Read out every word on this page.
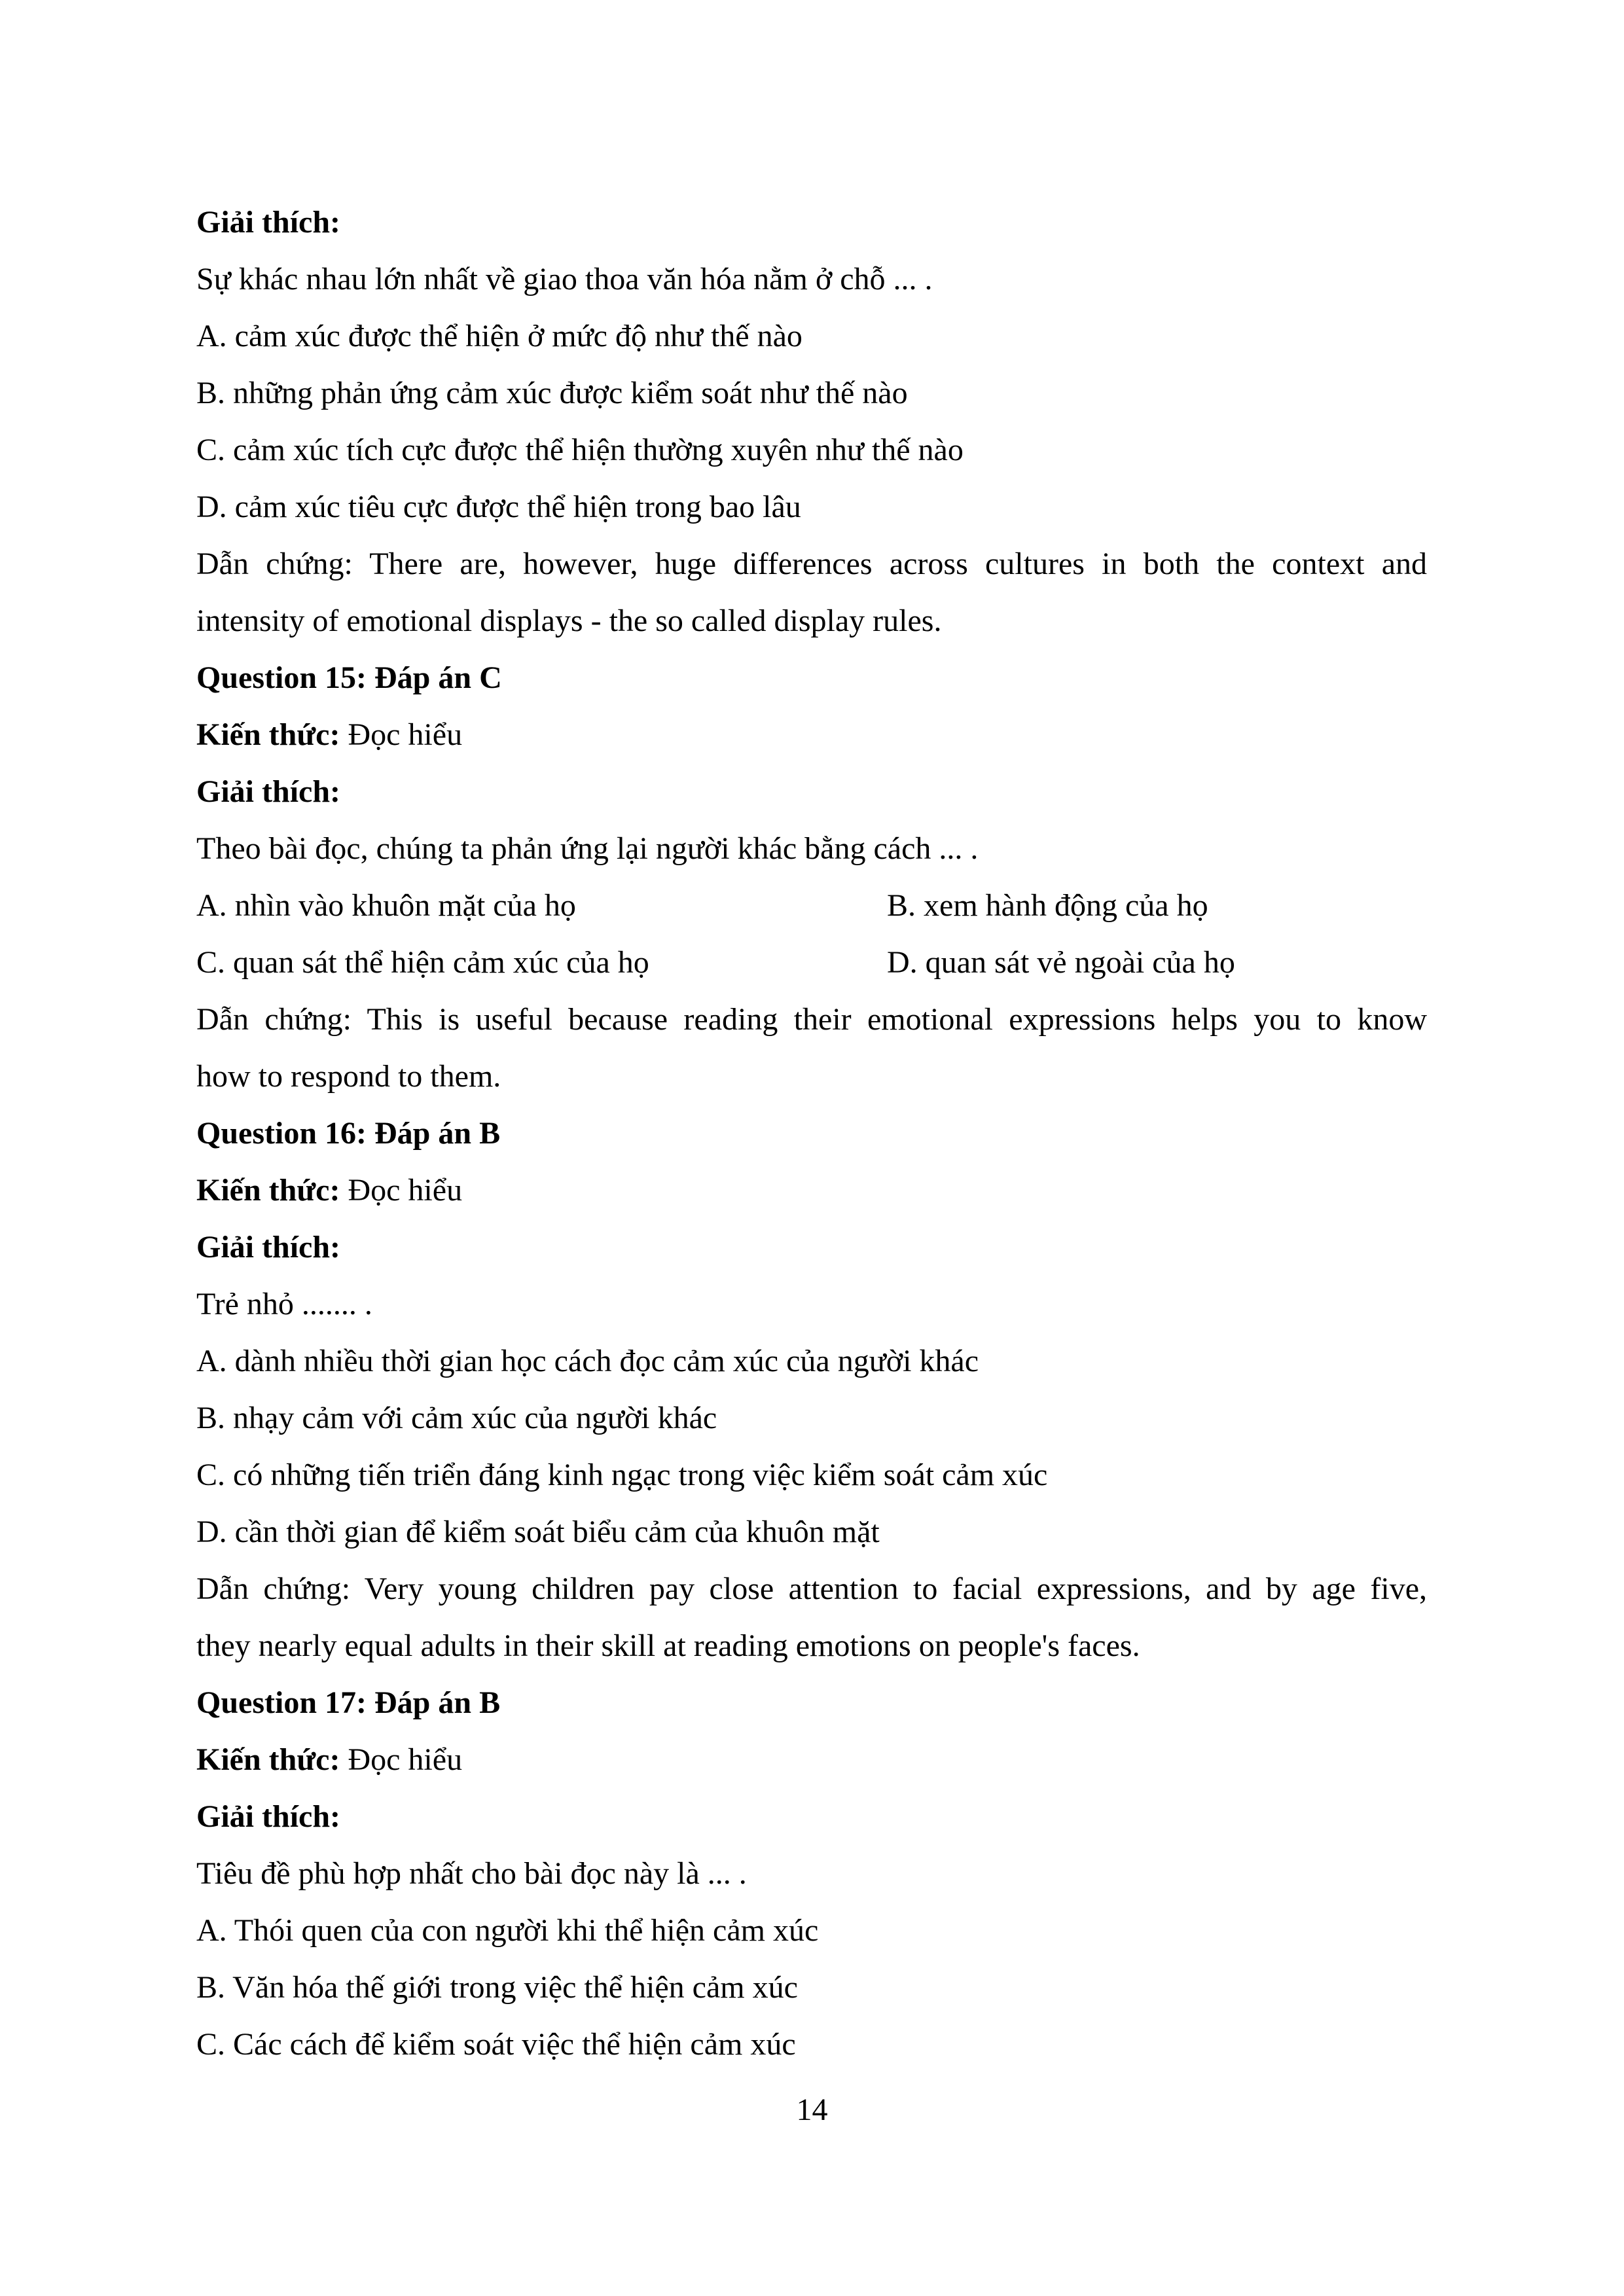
Giải thích:
Sự khác nhau lớn nhất về giao thoa văn hóa nằm ở chỗ ... .
A. cảm xúc được thể hiện ở mức độ như thế nào
B. những phản ứng cảm xúc được kiểm soát như thế nào
C. cảm xúc tích cực được thể hiện thường xuyên như thế nào
D. cảm xúc tiêu cực được thể hiện trong bao lâu
Dẫn chứng: There are, however, huge differences across cultures in both the context and
intensity of emotional displays - the so called display rules.
Question 15: Đáp án C
Kiến thức: Đọc hiểu
Giải thích:
Theo bài đọc, chúng ta phản ứng lại người khác bằng cách ... .
A. nhìn vào khuôn mặt của họ	B. xem hành động của họ
C. quan sát thể hiện cảm xúc của họ	D. quan sát vẻ ngoài của họ
Dẫn chứng: This is useful because reading their emotional expressions helps you to know
how to respond to them.
Question 16: Đáp án B
Kiến thức: Đọc hiểu
Giải thích:
Trẻ nhỏ ....... .
A. dành nhiều thời gian học cách đọc cảm xúc của người khác
B. nhạy cảm với cảm xúc của người khác
C. có những tiến triển đáng kinh ngạc trong việc kiểm soát cảm xúc
D. cần thời gian để kiểm soát biểu cảm của khuôn mặt
Dẫn chứng: Very young children pay close attention to facial expressions, and by age five,
they nearly equal adults in their skill at reading emotions on people's faces.
Question 17: Đáp án B
Kiến thức: Đọc hiểu
Giải thích:
Tiêu đề phù hợp nhất cho bài đọc này là ... .
A. Thói quen của con người khi thể hiện cảm xúc
B. Văn hóa thế giới trong việc thể hiện cảm xúc
C. Các cách để kiểm soát việc thể hiện cảm xúc
14
